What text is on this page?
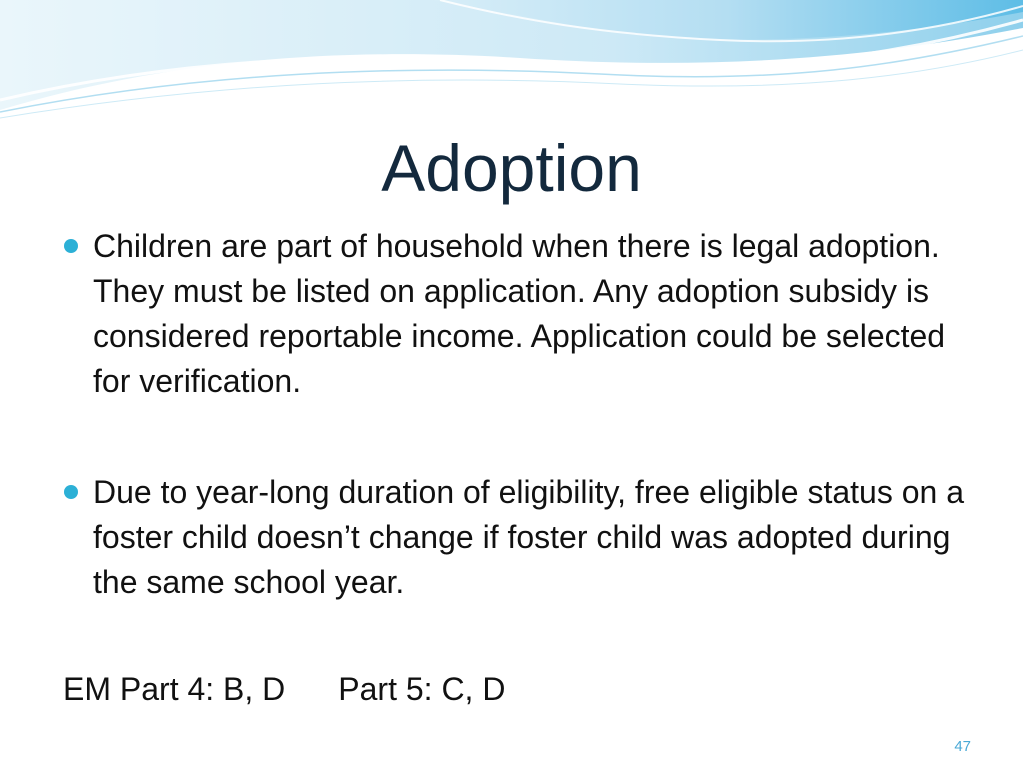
Adoption
Children are part of household when there is legal adoption. They must be listed on application. Any adoption subsidy is considered reportable income. Application could be selected for verification.
Due to year-long duration of eligibility, free eligible status on a foster child doesn’t change if foster child was adopted during the same school year.
EM Part 4: B, D Part 5: C, D
47
